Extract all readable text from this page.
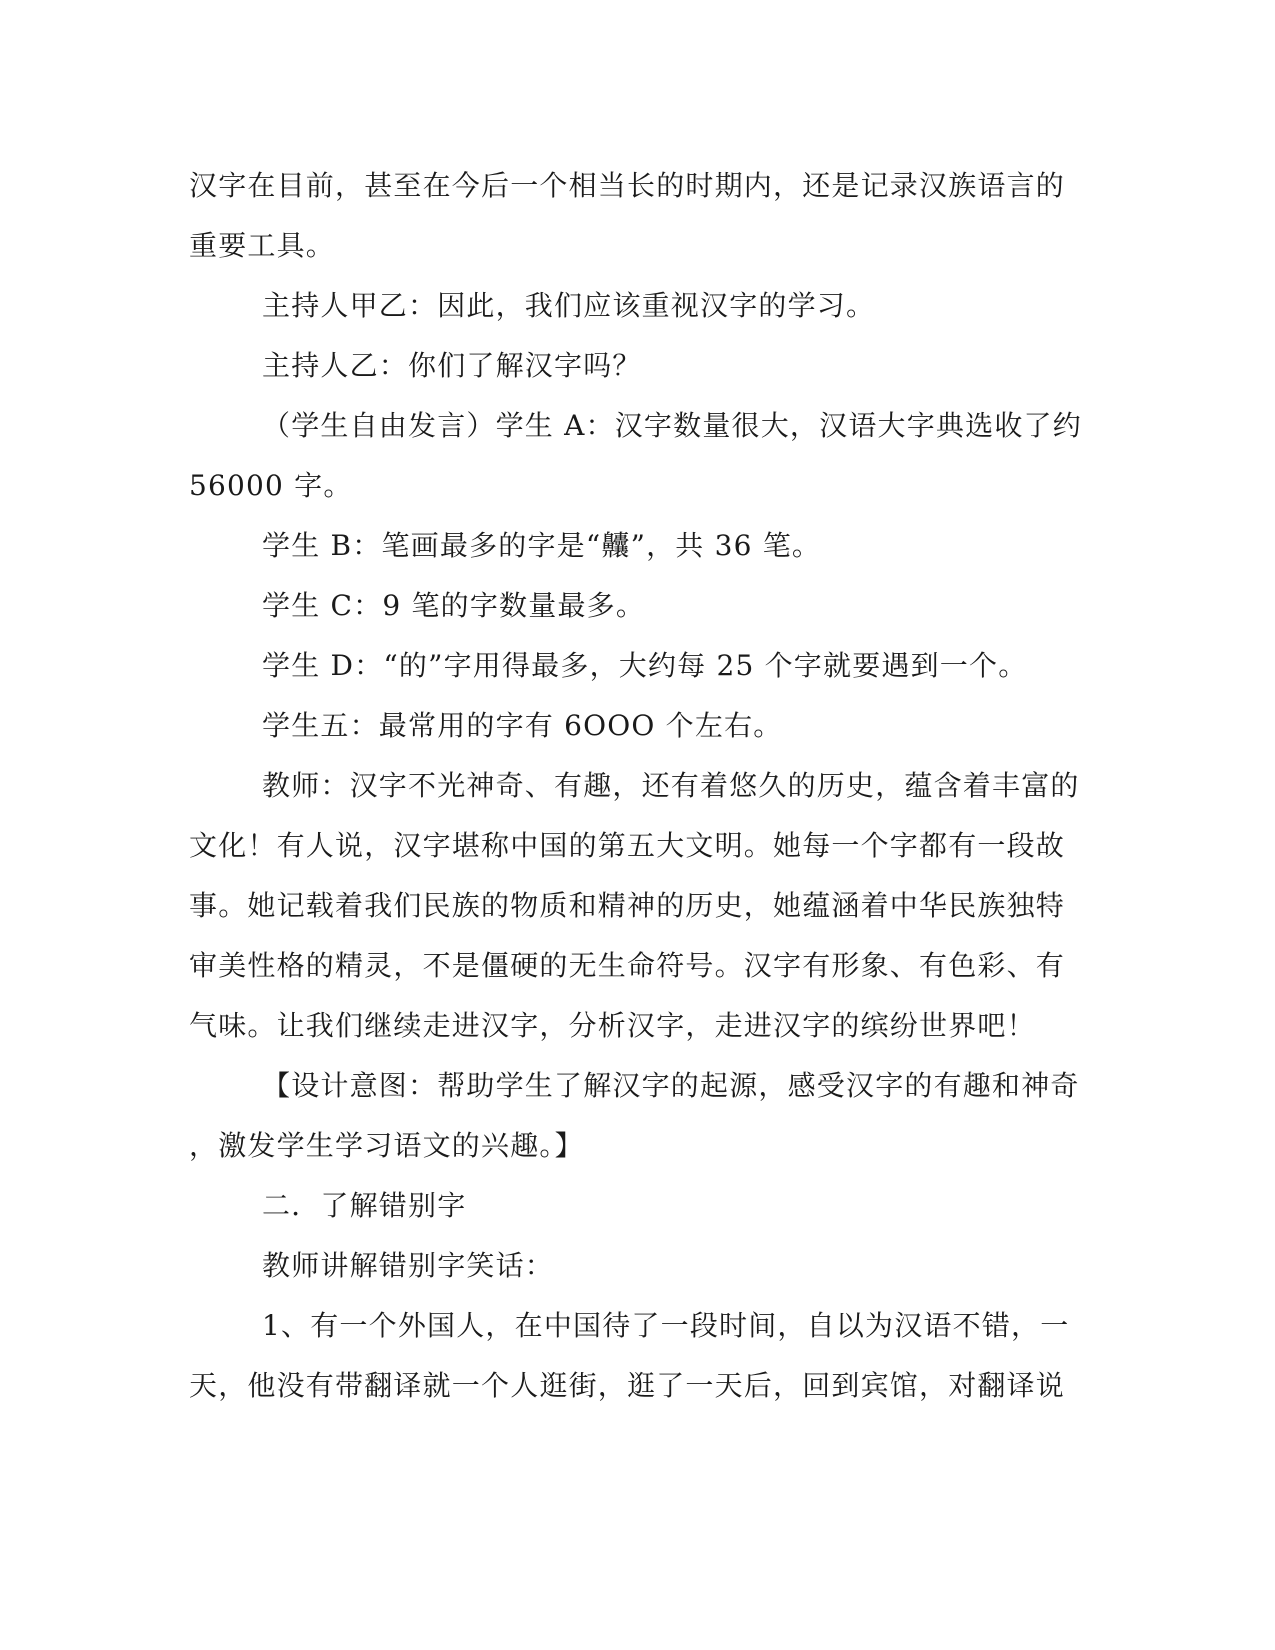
汉字在目前，甚至在今后一个相当长的时期内，还是记录汉族语言的
重要工具。
主持人甲乙：因此，我们应该重视汉字的学习。
主持人乙：你们了解汉字吗？
（学生自由发言）学生 A：汉字数量很大，汉语大字典选收了约
56000 字。
学生 B：笔画最多的字是“齉”，共 36 笔。
学生 C：9 笔的字数量最多。
学生 D：“的”字用得最多，大约每 25 个字就要遇到一个。
学生五：最常用的字有 6OOO 个左右。
教师：汉字不光神奇、有趣，还有着悠久的历史，蕴含着丰富的
文化！有人说，汉字堪称中国的第五大文明。她每一个字都有一段故
事。她记载着我们民族的物质和精神的历史，她蕴涵着中华民族独特
审美性格的精灵，不是僵硬的无生命符号。汉字有形象、有色彩、有
气味。让我们继续走进汉字，分析汉字，走进汉字的缤纷世界吧！
【设计意图：帮助学生了解汉字的起源，感受汉字的有趣和神奇
，激发学生学习语文的兴趣。】
二．了解错别字
教师讲解错别字笑话：
1、有一个外国人，在中国待了一段时间，自以为汉语不错，一
天，他没有带翻译就一个人逛街，逛了一天后，回到宾馆，对翻译说
